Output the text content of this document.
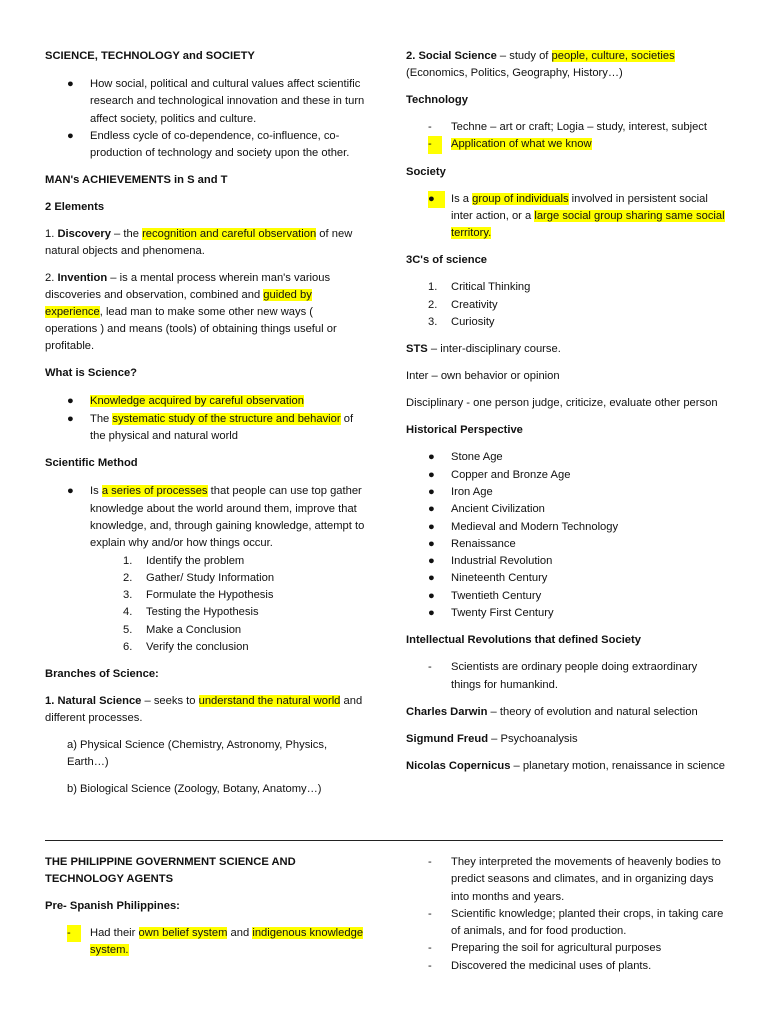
SCIENCE, TECHNOLOGY and SOCIETY

● How social, political and cultural values affect scientific research and technological innovation and these in turn affect society, politics and culture.
● Endless cycle of co-dependence, co-influence, co-production of technology and society upon the other.

MAN's ACHIEVEMENTS in S and T

2 Elements

1. Discovery – the recognition and careful observation of new natural objects and phenomena.

2. Invention – is a mental process wherein man's various discoveries and observation, combined and guided by experience, lead man to make some other new ways ( operations ) and means (tools) of obtaining things useful or profitable.

What is Science?

● Knowledge acquired by careful observation
● The systematic study of the structure and behavior of the physical and natural world

Scientific Method

● Is a series of processes that people can use top gather knowledge about the world around them, improve that knowledge, and, through gaining knowledge, attempt to explain why and/or how things occur.
1. Identify the problem
2. Gather/ Study Information
3. Formulate the Hypothesis
4. Testing the Hypothesis
5. Make a Conclusion
6. Verify the conclusion

Branches of Science:

1. Natural Science – seeks to understand the natural world and different processes.

a) Physical Science (Chemistry, Astronomy, Physics, Earth…)

b) Biological Science (Zoology, Botany, Anatomy…)

2. Social Science – study of people, culture, societies (Economics, Politics, Geography, History…)

Technology

- Techne – art or craft; Logia – study, interest, subject
-	Application of what we know

Society

●	Is a group of individuals involved in persistent social inter action, or a large social group sharing same social territory.

3C's of science

1. Critical Thinking
2. Creativity
3. Curiosity

STS – inter-disciplinary course.

Inter – own behavior or opinion

Disciplinary - one person judge, criticize, evaluate other person

Historical Perspective

● Stone Age
● Copper and Bronze Age
● Iron Age
● Ancient Civilization
● Medieval and Modern Technology
● Renaissance
● Industrial Revolution
● Nineteenth Century
● Twentieth Century
● Twenty First Century

Intellectual Revolutions that defined Society

- Scientists are ordinary people doing extraordinary things for humankind.

Charles Darwin – theory of evolution and natural selection

Sigmund Freud – Psychoanalysis

Nicolas Copernicus – planetary motion, renaissance in science

THE PHILIPPINE GOVERNMENT SCIENCE AND TECHNOLOGY AGENTS

Pre- Spanish Philippines:

-	Had their own belief system and indigenous knowledge system.
- They interpreted the movements of heavenly bodies to predict seasons and climates, and in organizing days into months and years.
- Scientific knowledge; planted their crops, in taking care of animals, and for food production.
- Preparing the soil for agricultural purposes
- Discovered the medicinal uses of plants.
